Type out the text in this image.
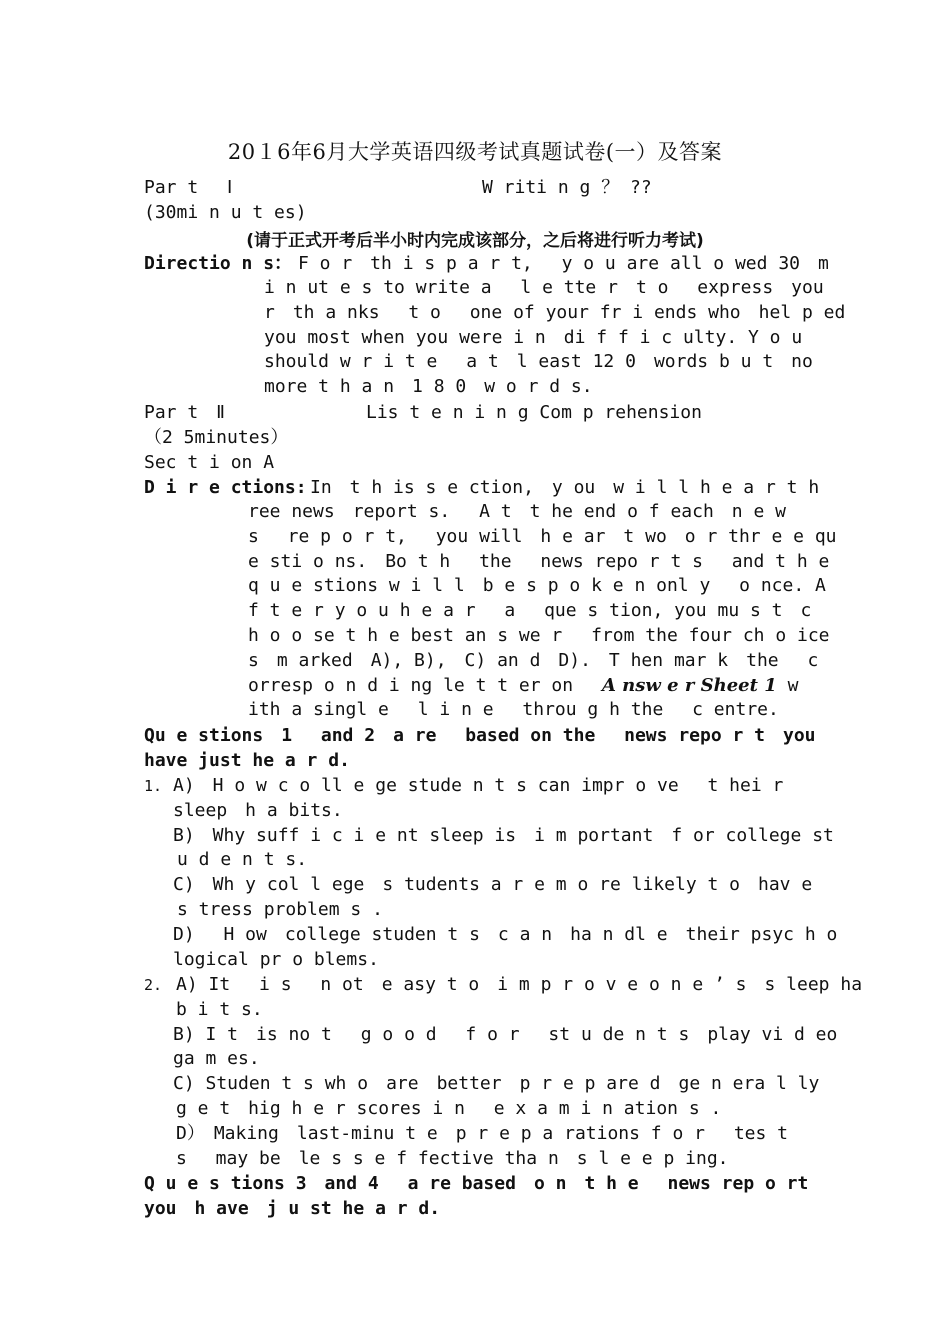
20１6年6月大学英语四级考试真题试卷(一）及答案
Par t　 Ⅰ	W riti n g ？ ??
(30mi n u t es)
(请于正式开考后半小时内完成该部分，之后将进行听力考试)
Directio n s： F o r　th i s p a r t,　 y o u are all o wed 30　m
i n ut e s to write a　 l e tte r　t o　 express　you
r　th a nks　 t o　 one of your fr i ends who　hel p ed
you most when you were i n　di f f i c ulty. Y o u
should w r i t e　 a t　l east 12 0　words b u t　no
more t h a n　1 8 0　w o r d s.
Par t　Ⅱ	Lis t e n i n g Com p rehension
（2 5minutes）
Sec t i on A
D i r e ctions: In　t h is s e ction,　y ou　w i l l h e a r t h
ree news　report s.　 A t　t he end o f each　n e w
s　 re p o r t,　 you will　h e ar　t wo　o r thr e e qu
e sti o ns.　Bo t h　 the　 news repo r t s　 and t h e
q u e stions w i l l　b e s p o k e n onl y　 o nce. A
f t e r y o u h e a r　 a　 que s tion, you mu s t　c
h o o se t h e best an s we r　 from the four ch o ice
s　m arked　A), B),　C) an d　D).　T hen mar k　the　 c
orresp o n d i ng le t t er on　 A nsw e r Sheet 1 w
ith a singl e　 l i n e　 throu g h the　 c entre.
Qu e stions　1　 and 2　a re　 based on the　 news repo r t　you
have just he a r d.
1. A)　H o w c o ll e ge stude n t s can impr o ve　 t hei r
sleep　h a bits.
B)　Why suff i c i e nt sleep is　i m portant　f or college st
u d e n t s.
C)　Wh y col l ege　s tudents a r e m o re likely t o　hav e
s tress problem s .
D)　 H ow　college studen t s　c a n　ha n dl e　their psyc h o
logical pr o blems.
2. A) It　 i s　 n ot　e asy t o　i m p r o v e o n e ’ s　s leep ha
b i t s.
B) I t　is no t　 g o o d　 f o r　 st u de n t s　play vi d eo
ga m es.
C) Studen t s wh o　are　better　p r e p are d　ge n era l ly
g e t　hig h e r scores i n　 e x a m i n ation s .
D）　Making　last-minu t e　p r e p a rations f o r　 tes t
s　 may be　le s s e f fective tha n　s l e e p ing.
Q u e s tions 3　and 4　 a re based　o n　t h e　 news rep o rt
you　h ave　j u st he a r d.
